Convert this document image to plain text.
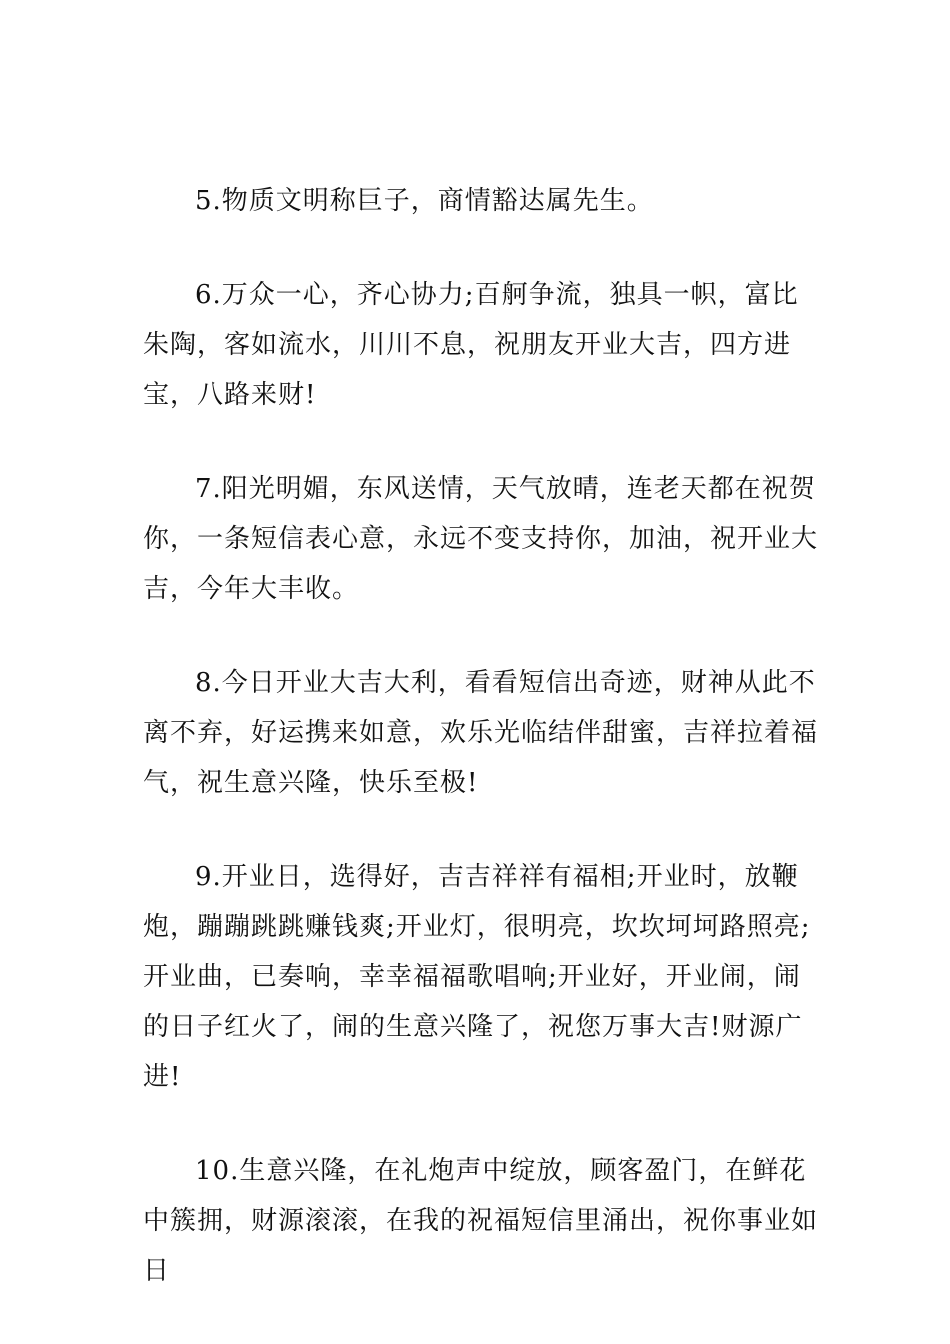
5.物质文明称巨子，商情豁达属先生。

6.万众一心，齐心协力;百舸争流，独具一帜，富比朱陶，客如流水，川川不息，祝朋友开业大吉，四方进宝，八路来财!

7.阳光明媚，东风送情，天气放晴，连老天都在祝贺你，一条短信表心意，永远不变支持你，加油，祝开业大吉，今年大丰收。

8.今日开业大吉大利，看看短信出奇迹，财神从此不离不弃，好运携来如意，欢乐光临结伴甜蜜，吉祥拉着福气，祝生意兴隆，快乐至极!

9.开业日，选得好，吉吉祥祥有福相;开业时，放鞭炮，蹦蹦跳跳赚钱爽;开业灯，很明亮，坎坎坷坷路照亮;开业曲，已奏响，幸幸福福歌唱响;开业好，开业闹，闹的日子红火了，闹的生意兴隆了，祝您万事大吉!财源广进!

10.生意兴隆，在礼炮声中绽放，顾客盈门，在鲜花中簇拥，财源滚滚，在我的祝福短信里涌出，祝你事业如日
